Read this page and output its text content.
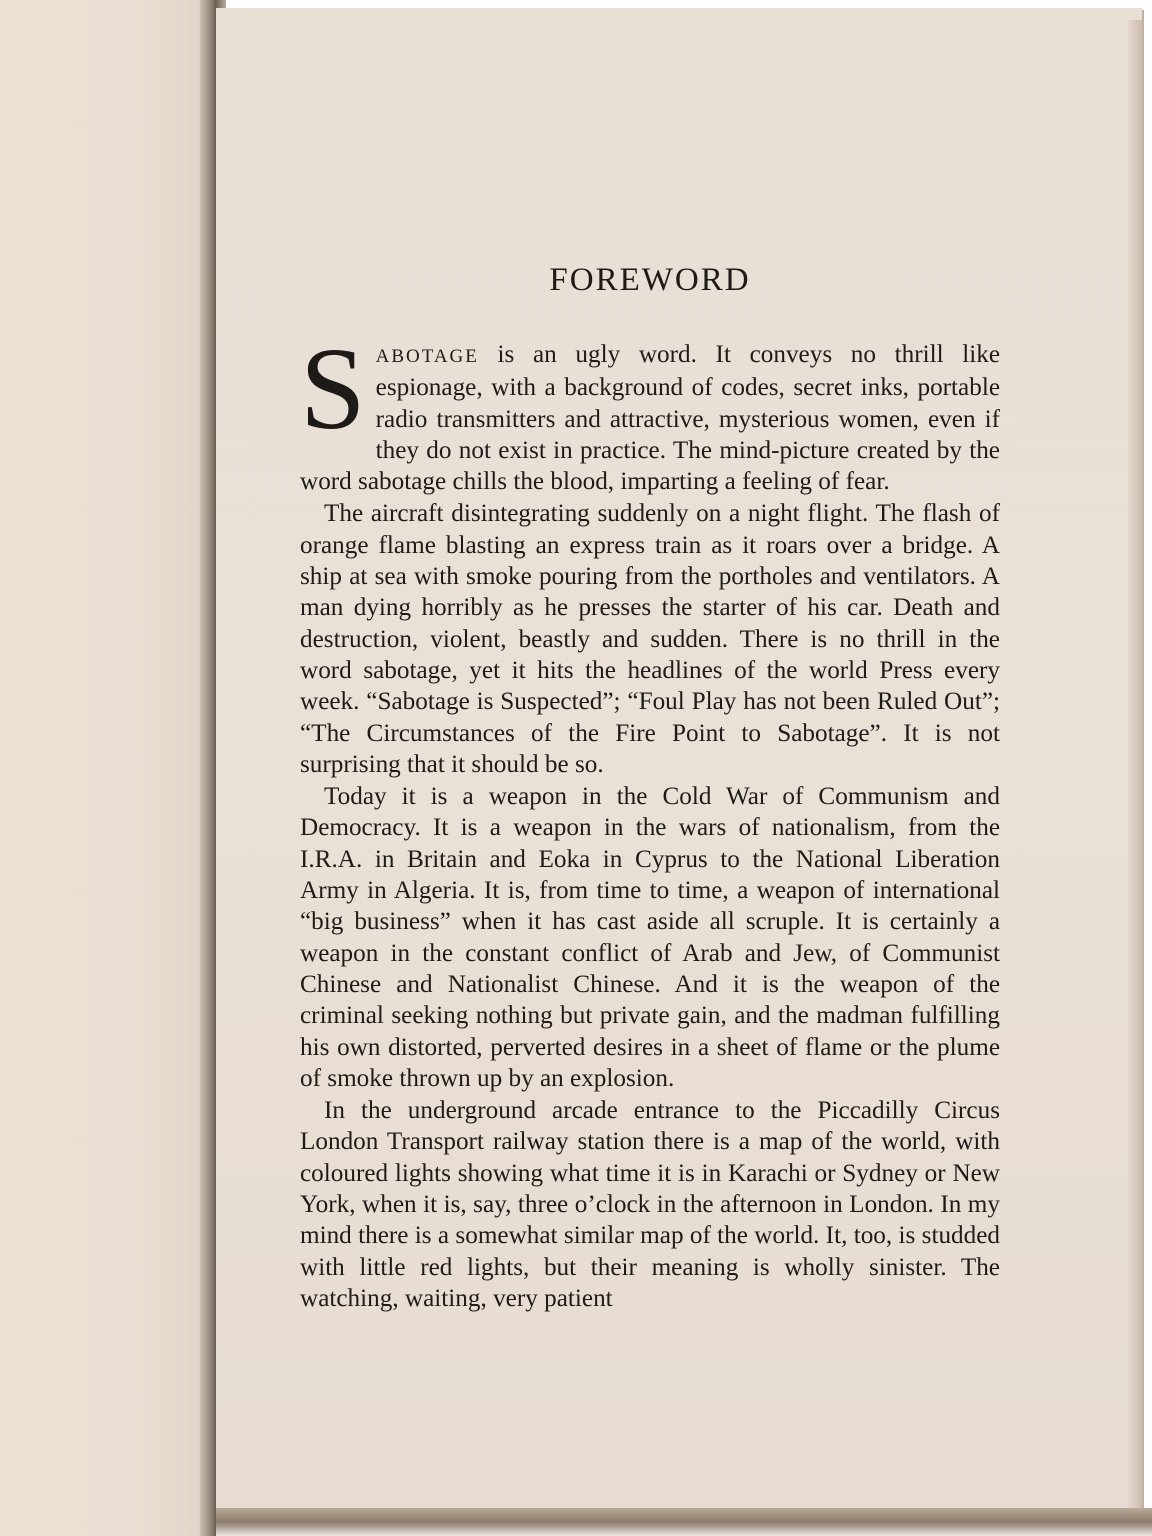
FOREWORD

SABOTAGE is an ugly word. It conveys no thrill like espionage, with a background of codes, secret inks, portable radio transmitters and attractive, mysterious women, even if they do not exist in practice. The mind-picture created by the word sabotage chills the blood, imparting a feeling of fear.

The aircraft disintegrating suddenly on a night flight. The flash of orange flame blasting an express train as it roars over a bridge. A ship at sea with smoke pouring from the portholes and ventilators. A man dying horribly as he presses the starter of his car. Death and destruction, violent, beastly and sudden. There is no thrill in the word sabotage, yet it hits the headlines of the world Press every week. “Sabotage is Suspected”; “Foul Play has not been Ruled Out”; “The Circumstances of the Fire Point to Sabotage”. It is not surprising that it should be so.

Today it is a weapon in the Cold War of Communism and Democracy. It is a weapon in the wars of nationalism, from the I.R.A. in Britain and Eoka in Cyprus to the National Liberation Army in Algeria. It is, from time to time, a weapon of international “big business” when it has cast aside all scruple. It is certainly a weapon in the constant conflict of Arab and Jew, of Communist Chinese and Nationalist Chinese. And it is the weapon of the criminal seeking nothing but private gain, and the madman fulfilling his own distorted, perverted desires in a sheet of flame or the plume of smoke thrown up by an explosion.

In the underground arcade entrance to the Piccadilly Circus London Transport railway station there is a map of the world, with coloured lights showing what time it is in Karachi or Sydney or New York, when it is, say, three o’clock in the afternoon in London. In my mind there is a somewhat similar map of the world. It, too, is studded with little red lights, but their meaning is wholly sinister. The watching, waiting, very patient
